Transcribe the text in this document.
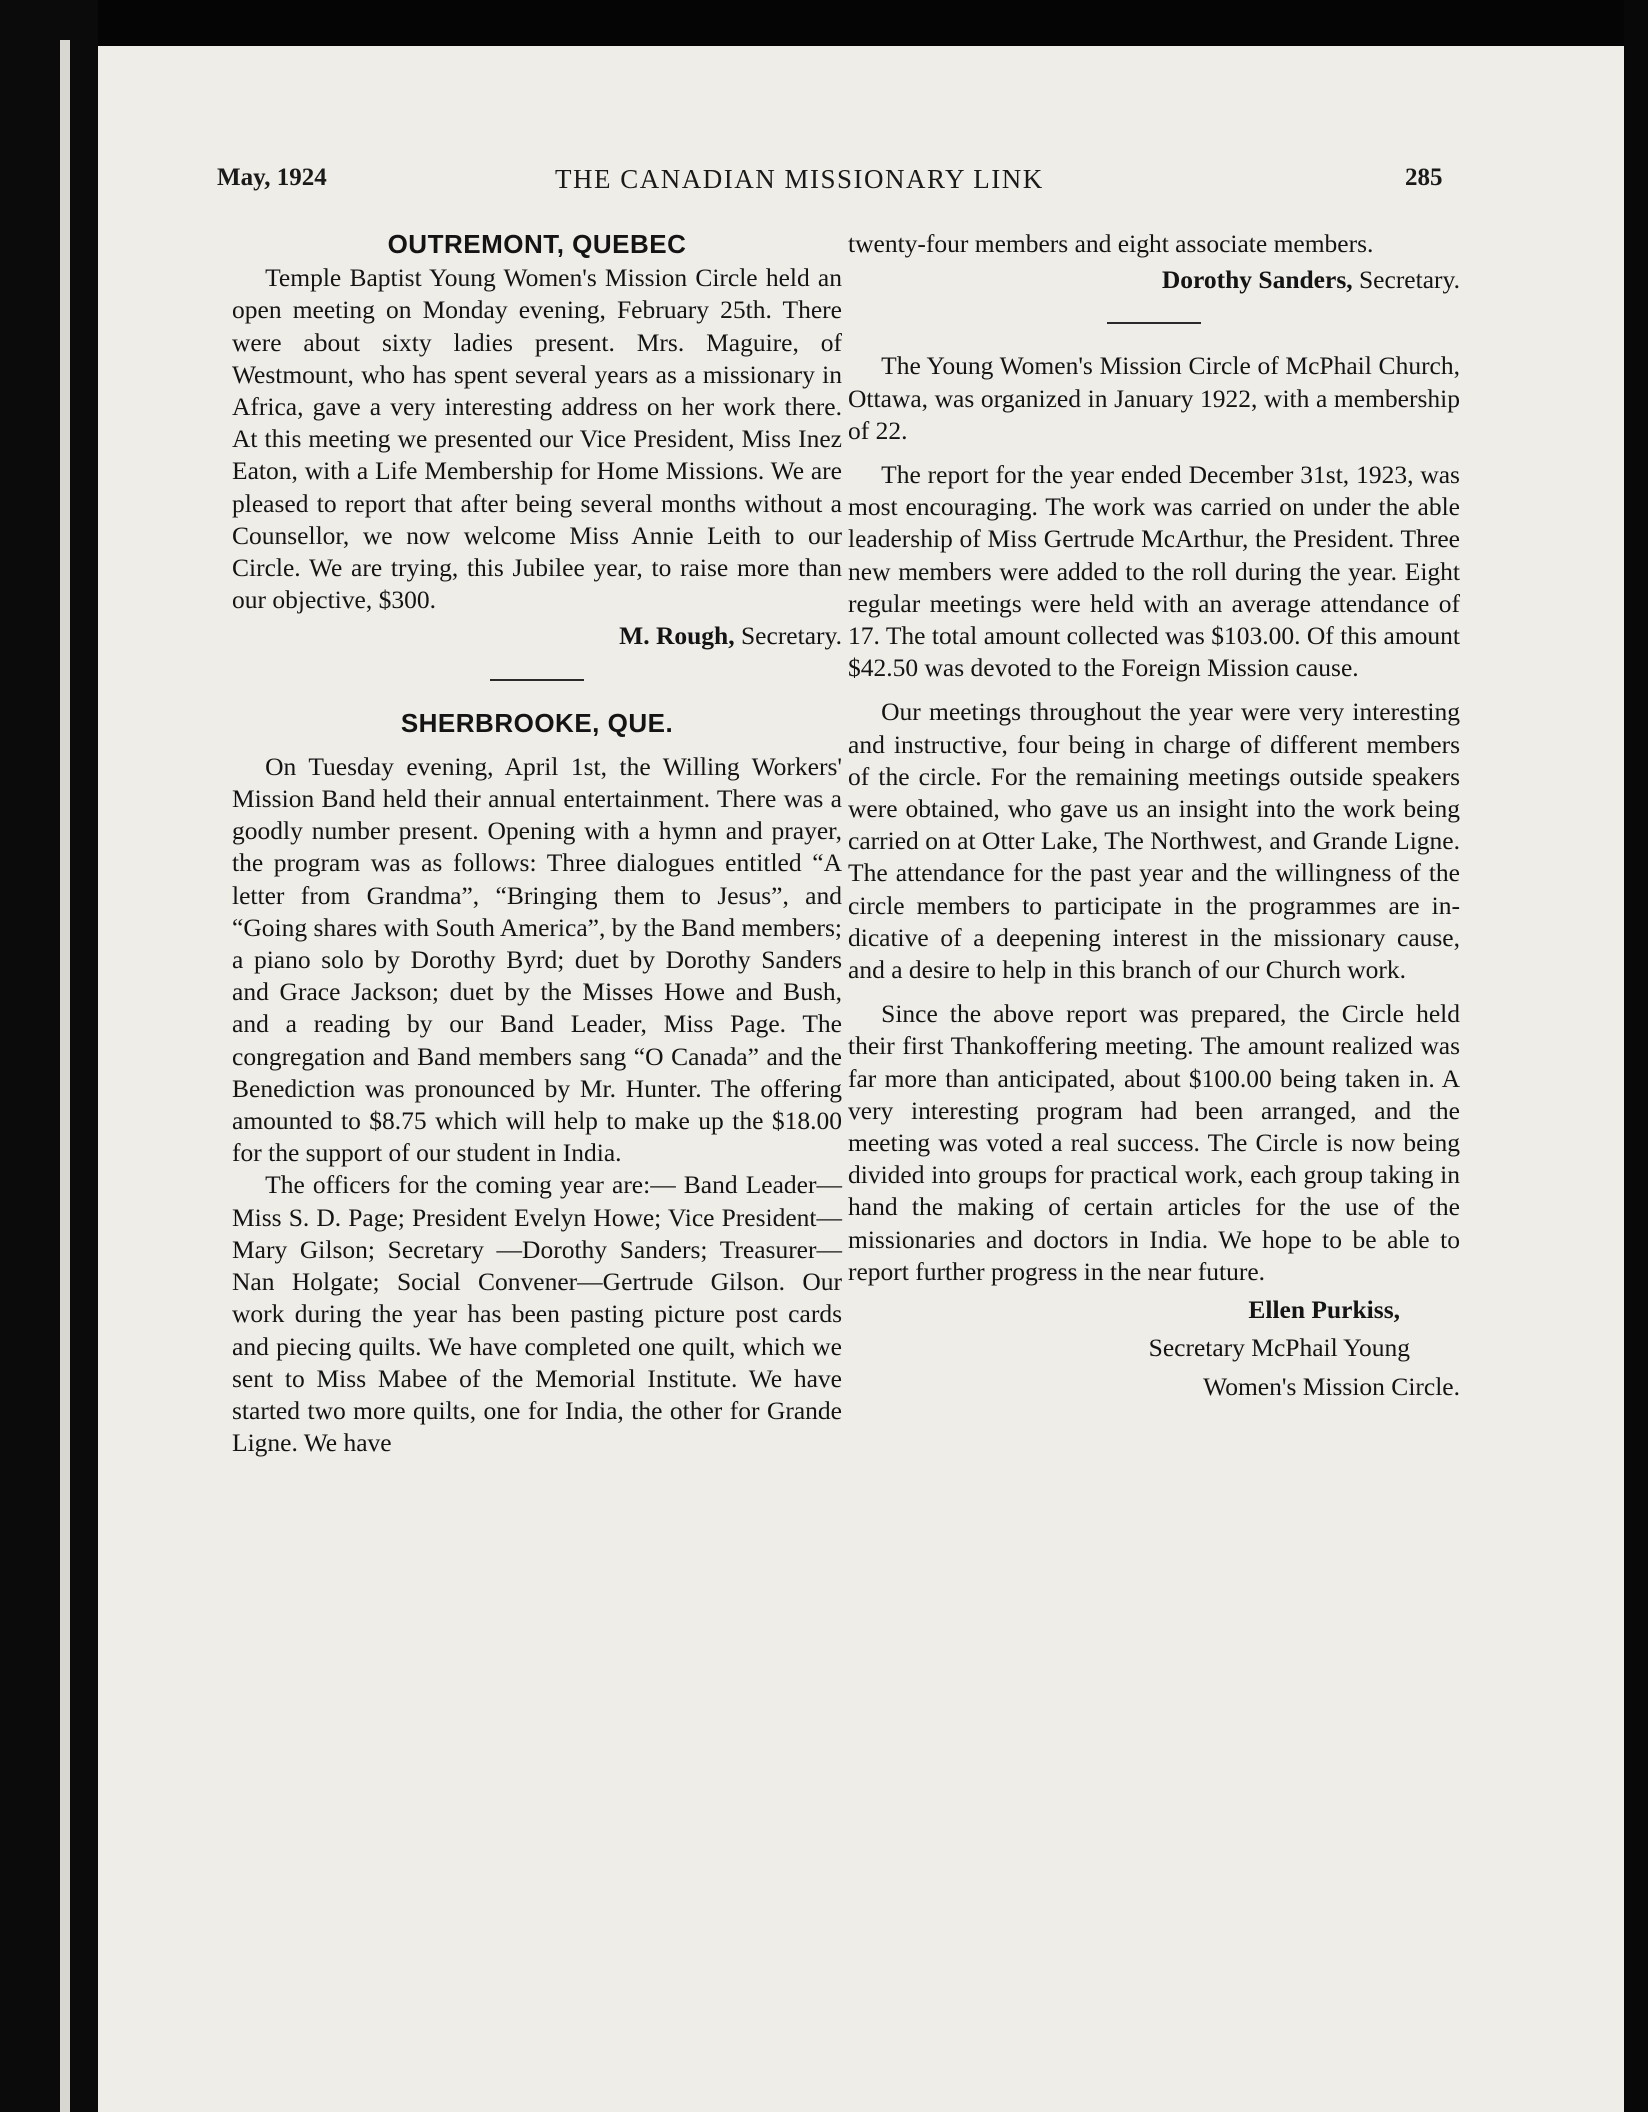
May, 1924	THE CANADIAN MISSIONARY LINK	285
OUTREMONT, QUEBEC

Temple Baptist Young Women's Mission Circle held an open meeting on Monday evening, February 25th. There were about sixty ladies present. Mrs. Maguire, of Westmount, who has spent several years as a missionary in Africa, gave a very interesting address on her work there. At this meeting we presented our Vice President, Miss Inez Eaton, with a Life Membership for Home Missions. We are pleased to report that after being several months without a Counsellor, we now welcome Miss Annie Leith to our Circle. We are trying, this Jubilee year, to raise more than our objective, $300.

M. Rough, Secretary.
SHERBROOKE, QUE.

On Tuesday evening, April 1st, the Willing Workers' Mission Band held their annual entertainment. There was a goodly number present. Opening with a hymn and prayer, the program was as follows: Three dialogues entitled “A letter from Grandma”, “Bringing them to Jesus”, and “Going shares with South America”, by the Band members; a piano solo by Dorothy Byrd; duet by Dorothy Sanders and Grace Jackson; duet by the Misses Howe and Bush, and a reading by our Band Leader, Miss Page. The congregation and Band members sang “O Canada” and the Benediction was pronounced by Mr. Hunter. The offering amounted to $8.75 which will help to make up the $18.00 for the support of our student in India.

The officers for the coming year are:— Band Leader—Miss S. D. Page; President Evelyn Howe; Vice President—Mary Gilson; Secretary —Dorothy Sanders; Treasurer—Nan Holgate; Social Convener—Gertrude Gilson. Our work during the year has been pasting picture post cards and piecing quilts. We have completed one quilt, which we sent to Miss Mabee of the Memorial Institute. We have started two more quilts, one for India, the other for Grande Ligne. We have

twenty-four members and eight associate members.

Dorothy Sanders, Secretary.

The Young Women's Mission Circle of McPhail Church, Ottawa, was organized in January 1922, with a membership of 22.

The report for the year ended December 31st, 1923, was most encouraging. The work was carried on under the able leadership of Miss Gertrude McArthur, the President. Three new members were added to the roll during the year. Eight regular meetings were held with an average attendance of 17. The total amount collected was $103.00. Of this amount $42.50 was devoted to the Foreign Mission cause.

Our meetings throughout the year were very interesting and instructive, four being in charge of different members of the circle. For the remaining meetings outside speakers were obtained, who gave us an insight into the work being carried on at Otter Lake, The Northwest, and Grande Ligne. The attendance for the past year and the willingness of the circle members to participate in the programmes are indicative of a deepening interest in the missionary cause, and a desire to help in this branch of our Church work.

Since the above report was prepared, the Circle held their first Thankoffering meeting. The amount realized was far more than anticipated, about $100.00 being taken in. A very interesting program had been arranged, and the meeting was voted a real success. The Circle is now being divided into groups for practical work, each group taking in hand the making of certain articles for the use of the missionaries and doctors in India. We hope to be able to report further progress in the near future.

Ellen Purkiss,
Secretary McPhail Young
Women's Mission Circle.
